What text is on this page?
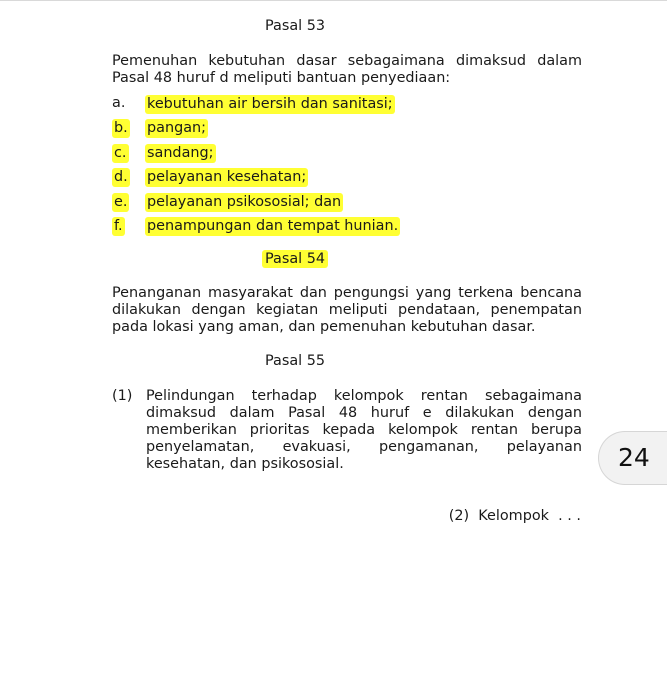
Pasal 53
Pemenuhan kebutuhan dasar sebagaimana dimaksud dalam Pasal 48 huruf d meliputi bantuan penyediaan:
a. kebutuhan air bersih dan sanitasi;
b. pangan;
c. sandang;
d. pelayanan kesehatan;
e. pelayanan psikososial; dan
f. penampungan dan tempat hunian.
Pasal 54
Penanganan masyarakat dan pengungsi yang terkena bencana dilakukan dengan kegiatan meliputi pendataan, penempatan pada lokasi yang aman, dan pemenuhan kebutuhan dasar.
Pasal 55
(1) Pelindungan terhadap kelompok rentan sebagaimana dimaksud dalam Pasal 48 huruf e dilakukan dengan memberikan prioritas kepada kelompok rentan berupa penyelamatan, evakuasi, pengamanan, pelayanan kesehatan, dan psikososial.
(2)  Kelompok  . . .
24
